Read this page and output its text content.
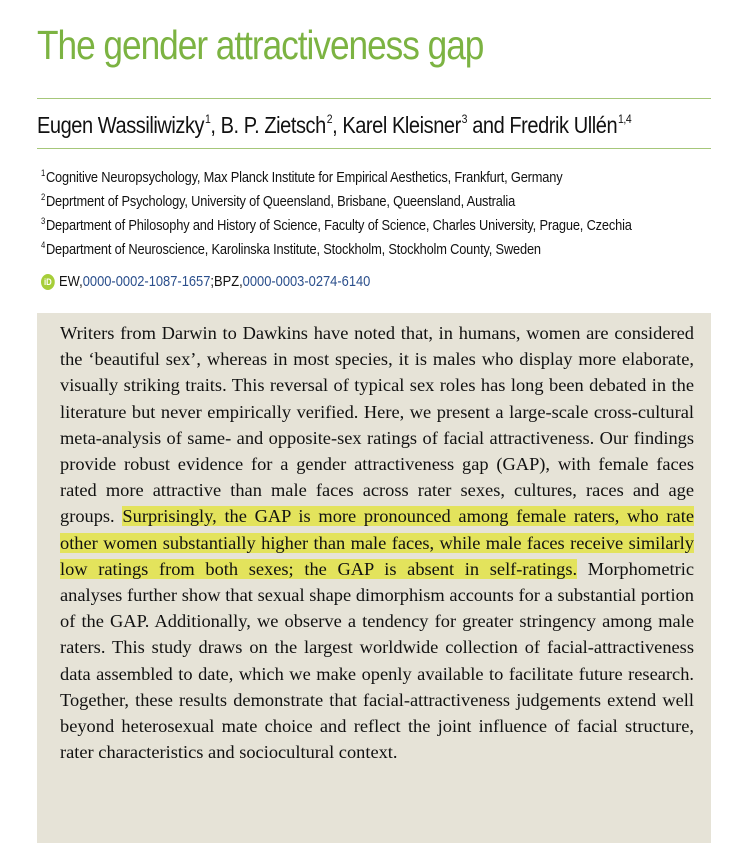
The gender attractiveness gap
Eugen Wassiliwizky$^1$, B. P. Zietsch$^2$, Karel Kleisner$^3$ and Fredrik Ullén$^{1,4}$
$^1$Cognitive Neuropsychology, Max Planck Institute for Empirical Aesthetics, Frankfurt, Germany
$^2$Deprtment of Psychology, University of Queensland, Brisbane, Queensland, Australia
$^3$Department of Philosophy and History of Science, Faculty of Science, Charles University, Prague, Czechia
$^4$Department of Neuroscience, Karolinska Institute, Stockholm, Stockholm County, Sweden
iD EW, 0000-0002-1087-1657 ; BPZ, 0000-0003-0274-6140

Writers from Darwin to Dawkins have noted that, in humans, women are considered the ‘beautiful sex’, whereas in most species, it is males who display more elaborate, visually striking traits. This reversal of typical sex roles has long been debated in the literature but never empirically verified. Here, we present a large-scale cross-cultural meta-analysis of same- and opposite-sex ratings of facial attractiveness. Our findings provide robust evidence for a gender attractiveness gap (GAP), with female faces rated more attractive than male faces across rater sexes, cultures, races and age groups. Surprisingly, the GAP is more pronounced among female raters, who rate other women substantially higher than male faces, while male faces receive similarly low ratings from both sexes; the GAP is absent in self-ratings. Morphometric analyses further show that sexual shape dimorphism accounts for a substantial portion of the GAP. Additionally, we observe a tendency for greater stringency among male raters. This study draws on the largest worldwide collection of facial-attractiveness data assembled to date, which we make openly available to facilitate future research. Together, these results demonstrate that facial-attractiveness judgements extend well beyond heterosexual mate choice and reflect the joint influence of facial structure, rater characteristics and sociocultural context.
